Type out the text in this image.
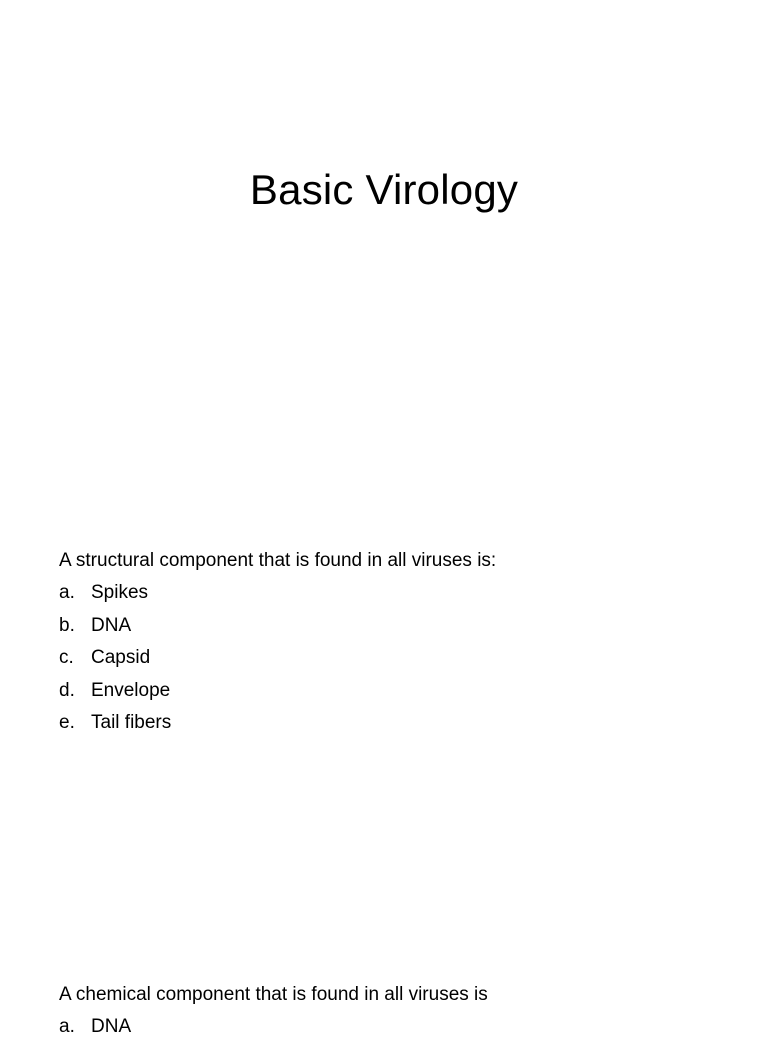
Basic Virology
A structural component that is found in all viruses is:
a. Spikes
b. DNA
c. Capsid
d. Envelope
e. Tail fibers
A chemical component that is found in all viruses is
a. DNA
